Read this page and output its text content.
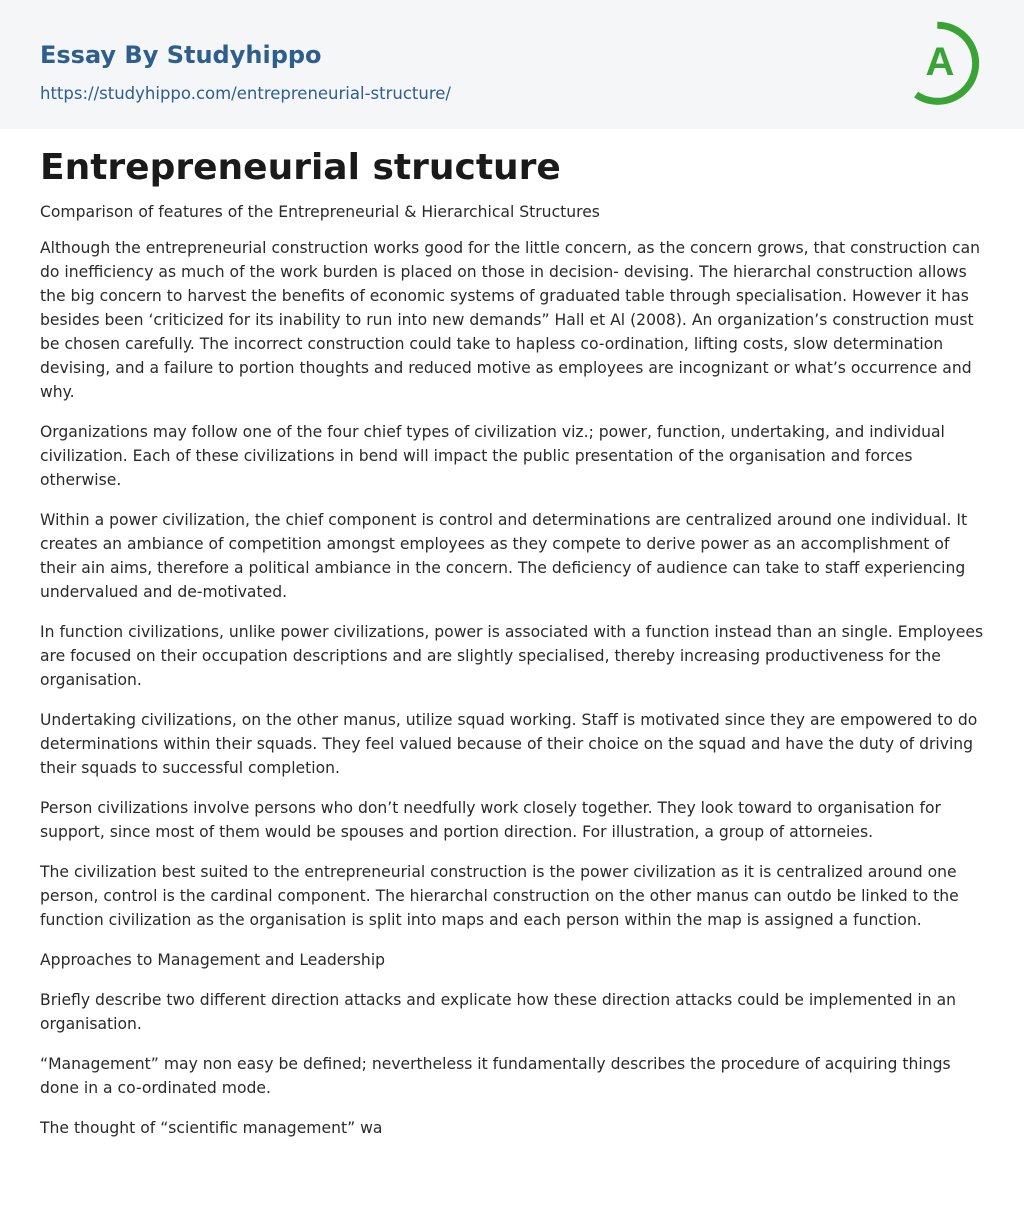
Essay By Studyhippo
https://studyhippo.com/entrepreneurial-structure/
A
Entrepreneurial structure

Comparison of features of the Entrepreneurial & Hierarchical Structures

Although the entrepreneurial construction works good for the little concern, as the concern grows, that construction can do inefficiency as much of the work burden is placed on those in decision- devising. The hierarchal construction allows the big concern to harvest the benefits of economic systems of graduated table through specialisation. However it has besides been ‘criticized for its inability to run into new demands” Hall et Al (2008). An organization’s construction must be chosen carefully. The incorrect construction could take to hapless co-ordination, lifting costs, slow determination devising, and a failure to portion thoughts and reduced motive as employees are incognizant or what’s occurrence and why.

Organizations may follow one of the four chief types of civilization viz.; power, function, undertaking, and individual civilization. Each of these civilizations in bend will impact the public presentation of the organisation and forces otherwise.

Within a power civilization, the chief component is control and determinations are centralized around one individual. It creates an ambiance of competition amongst employees as they compete to derive power as an accomplishment of their ain aims, therefore a political ambiance in the concern. The deficiency of audience can take to staff experiencing undervalued and de-motivated.

In function civilizations, unlike power civilizations, power is associated with a function instead than an single. Employees are focused on their occupation descriptions and are slightly specialised, thereby increasing productiveness for the organisation.

Undertaking civilizations, on the other manus, utilize squad working. Staff is motivated since they are empowered to do determinations within their squads. They feel valued because of their choice on the squad and have the duty of driving their squads to successful completion.

Person civilizations involve persons who don’t needfully work closely together. They look toward to organisation for support, since most of them would be spouses and portion direction. For illustration, a group of attorneies.

The civilization best suited to the entrepreneurial construction is the power civilization as it is centralized around one person, control is the cardinal component. The hierarchal construction on the other manus can outdo be linked to the function civilization as the organisation is split into maps and each person within the map is assigned a function.

Approaches to Management and Leadership

Briefly describe two different direction attacks and explicate how these direction attacks could be implemented in an organisation.

“Management” may non easy be defined; nevertheless it fundamentally describes the procedure of acquiring things done in a co-ordinated mode.

The thought of “scientific management” wa
